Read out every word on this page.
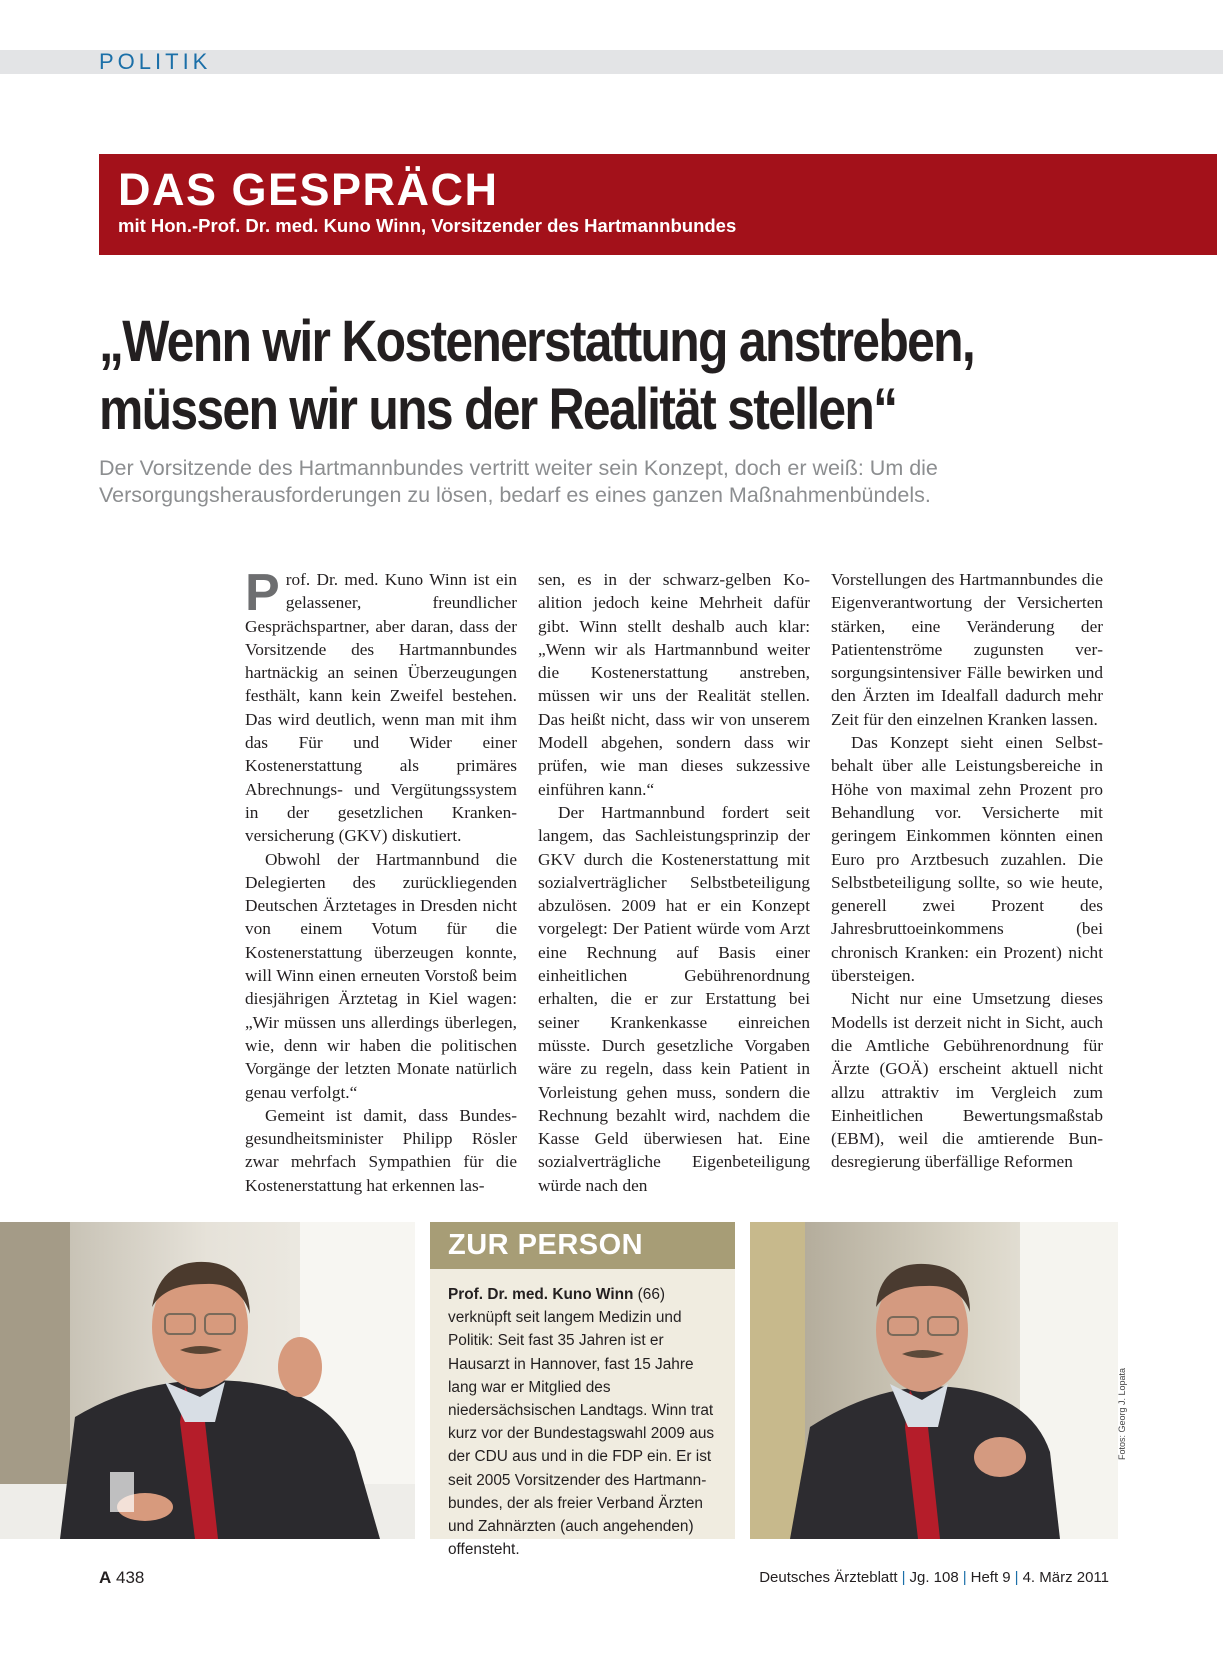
POLITIK
DAS GESPRÄCH
mit Hon.-Prof. Dr. med. Kuno Winn, Vorsitzender des Hartmannbundes
„Wenn wir Kostenerstattung anstreben,
müssen wir uns der Realität stellen“
Der Vorsitzende des Hartmannbundes vertritt weiter sein Konzept, doch er weiß: Um die
Versorgungsherausforderungen zu lösen, bedarf es eines ganzen Maßnahmenbündels.

Prof. Dr. med. Kuno Winn ist ein gelassener, freundlicher Gesprächspartner, aber daran, dass der Vorsitzende des Hartmannbundes hartnäckig an seinen Überzeugungen festhält, kann kein Zweifel bestehen. Das wird deutlich, wenn man mit ihm das Für und Wider einer Kostenerstattung als primäres Abrechnungs- und Vergütungssystem in der gesetzlichen Krankenversicherung (GKV) diskutiert.

Obwohl der Hartmannbund die Delegierten des zurückliegenden Deutschen Ärztetages in Dresden nicht von einem Votum für die Kostenerstattung überzeugen konnte, will Winn einen erneuten Vorstoß beim diesjährigen Ärztetag in Kiel wagen: „Wir müssen uns allerdings überlegen, wie, denn wir haben die politischen Vorgänge der letzten Monate natürlich genau verfolgt.“

Gemeint ist damit, dass Bundesgesundheitsminister Philipp Rösler zwar mehrfach Sympathien für die Kostenerstattung hat erkennen las-

sen, es in der schwarz-gelben Koalition jedoch keine Mehrheit dafür gibt. Winn stellt deshalb auch klar: „Wenn wir als Hartmannbund weiter die Kostenerstattung anstreben, müssen wir uns der Realität stellen. Das heißt nicht, dass wir von unserem Modell abgehen, sondern dass wir prüfen, wie man dieses sukzessive einführen kann.“

Der Hartmannbund fordert seit langem, das Sachleistungsprinzip der GKV durch die Kostenerstattung mit sozialverträglicher Selbstbeteiligung abzulösen. 2009 hat er ein Konzept vorgelegt: Der Patient würde vom Arzt eine Rechnung auf Basis einer einheitlichen Gebührenordnung erhalten, die er zur Erstattung bei seiner Krankenkasse einreichen müsste. Durch gesetzliche Vorgaben wäre zu regeln, dass kein Patient in Vorleistung gehen muss, sondern die Rechnung bezahlt wird, nachdem die Kasse Geld überwiesen hat. Eine sozialverträgliche Eigenbeteiligung würde nach den

Vorstellungen des Hartmannbundes die Eigenverantwortung der Versicherten stärken, eine Veränderung der Patientenströme zugunsten versorgungsintensiver Fälle bewirken und den Ärzten im Idealfall dadurch mehr Zeit für den einzelnen Kranken lassen.

Das Konzept sieht einen Selbstbehalt über alle Leistungsbereiche in Höhe von maximal zehn Prozent pro Behandlung vor. Versicherte mit geringem Einkommen könnten einen Euro pro Arztbesuch zuzahlen. Die Selbstbeteiligung sollte, so wie heute, generell zwei Prozent des Jahresbruttoeinkommens (bei chronisch Kranken: ein Prozent) nicht übersteigen.

Nicht nur eine Umsetzung dieses Modells ist derzeit nicht in Sicht, auch die Amtliche Gebührenordnung für Ärzte (GOÄ) erscheint aktuell nicht allzu attraktiv im Vergleich zum Einheitlichen Bewertungsmaßstab (EBM), weil die amtierende Bundesregierung überfällige Reformen

ZUR PERSON
Prof. Dr. med. Kuno Winn (66) verknüpft seit langem Medizin und Politik: Seit fast 35 Jahren ist er Hausarzt in Hannover, fast 15 Jahre lang war er Mitglied des niedersächsischen Landtags. Winn trat kurz vor der Bundestagswahl 2009 aus der CDU aus und in die FDP ein. Er ist seit 2005 Vorsitzender des Hartmannbundes, der als freier Verband Ärzten und Zahnärzten (auch angehenden) offensteht.
Fotos: Georg J. Lopata
A 438	Deutsches Ärzteblatt | Jg. 108 | Heft 9 | 4. März 2011
